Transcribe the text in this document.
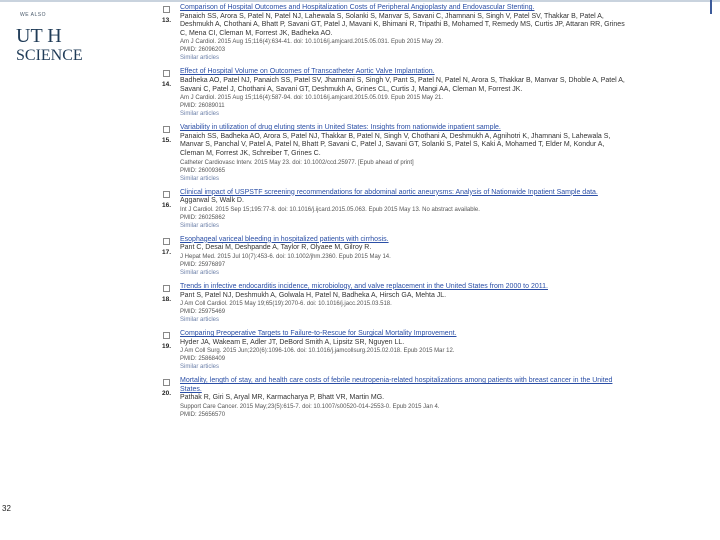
WE ALSO
UT H
SCIENCE
13.
Comparison of Hospital Outcomes and Hospitalization Costs of Peripheral Angioplasty and Endovascular Stenting.
Panaich SS, Arora S, Patel N, Patel NJ, Lahewala S, Solanki S, Manvar S, Savani C, Jhamnani S, Singh V, Patel SV, Thakkar B, Patel A, Deshmukh A, Chothani A, Bhatt P, Savani GT, Patel J, Mavani K, Bhimani R, Tripathi B, Mohamed T, Remedy MS, Curtis JP, Attaran RR, Grines C, Mena CI, Cleman M, Forrest JK, Badheka AO.
Am J Cardiol. 2015 Aug 15;116(4):634-41. doi: 10.1016/j.amjcard.2015.05.031. Epub 2015 May 29.
PMID: 26096203
Similar articles
14.
Effect of Hospital Volume on Outcomes of Transcatheter Aortic Valve Implantation.
Badheka AO, Patel NJ, Panaich SS, Patel SV, Jhamnani S, Singh V, Pant S, Patel N, Patel N, Arora S, Thakkar B, Manvar S, Dhoble A, Patel A, Savani C, Patel J, Chothani A, Savani GT, Deshmukh A, Grines CL, Curtis J, Mangi AA, Cleman M, Forrest JK.
Am J Cardiol. 2015 Aug 15;116(4):587-94. doi: 10.1016/j.amjcard.2015.05.019. Epub 2015 May 21.
PMID: 26089011
Similar articles
15.
Variability in utilization of drug eluting stents in United States: Insights from nationwide inpatient sample.
Panaich SS, Badheka AO, Arora S, Patel NJ, Thakkar B, Patel N, Singh V, Chothani A, Deshmukh A, Agnihotri K, Jhamnani S, Lahewala S, Manvar S, Panchal V, Patel A, Patel N, Bhatt P, Savani C, Patel J, Savani GT, Solanki S, Patel S, Kaki A, Mohamed T, Elder M, Kondur A, Cleman M, Forrest JK, Schreiber T, Grines C.
Catheter Cardiovasc Interv. 2015 May 23. doi: 10.1002/ccd.25977. [Epub ahead of print]
PMID: 26009365
Similar articles
16.
Clinical impact of USPSTF screening recommendations for abdominal aortic aneurysms: Analysis of Nationwide Inpatient Sample data.
Aggarwal S, Walk D.
Int J Cardiol. 2015 Sep 15;195:77-8. doi: 10.1016/j.ijcard.2015.05.063. Epub 2015 May 13. No abstract available.
PMID: 26025862
Similar articles
17.
Esophageal variceal bleeding in hospitalized patients with cirrhosis.
Pant C, Desai M, Deshpande A, Taylor R, Olyaee M, Gilroy R.
J Hepat Med. 2015 Jul 10(7):453-6. doi: 10.1002/jhm.2360. Epub 2015 May 14.
PMID: 25976897
Similar articles
18.
Trends in infective endocarditis incidence, microbiology, and valve replacement in the United States from 2000 to 2011.
Pant S, Patel NJ, Deshmukh A, Golwala H, Patel N, Badheka A, Hirsch GA, Mehta JL.
J Am Coll Cardiol. 2015 May 19;65(19):2070-6. doi: 10.1016/j.jacc.2015.03.518.
PMID: 25975469
Similar articles
19.
Comparing Preoperative Targets to Failure-to-Rescue for Surgical Mortality Improvement.
Hyder JA, Wakeam E, Adler JT, DeBord Smith A, Lipsitz SR, Nguyen LL.
J Am Coll Surg. 2015 Jun;220(6):1096-106. doi: 10.1016/j.jamcollsurg.2015.02.018. Epub 2015 Mar 12.
PMID: 25868409
Similar articles
20.
Mortality, length of stay, and health care costs of febrile neutropenia-related hospitalizations among patients with breast cancer in the United States.
Pathak R, Giri S, Aryal MR, Karmacharya P, Bhatt VR, Martin MG.
Support Care Cancer. 2015 May;23(5):615-7. doi: 10.1007/s00520-014-2553-0. Epub 2015 Jan 4.
PMID: 25656570
32
